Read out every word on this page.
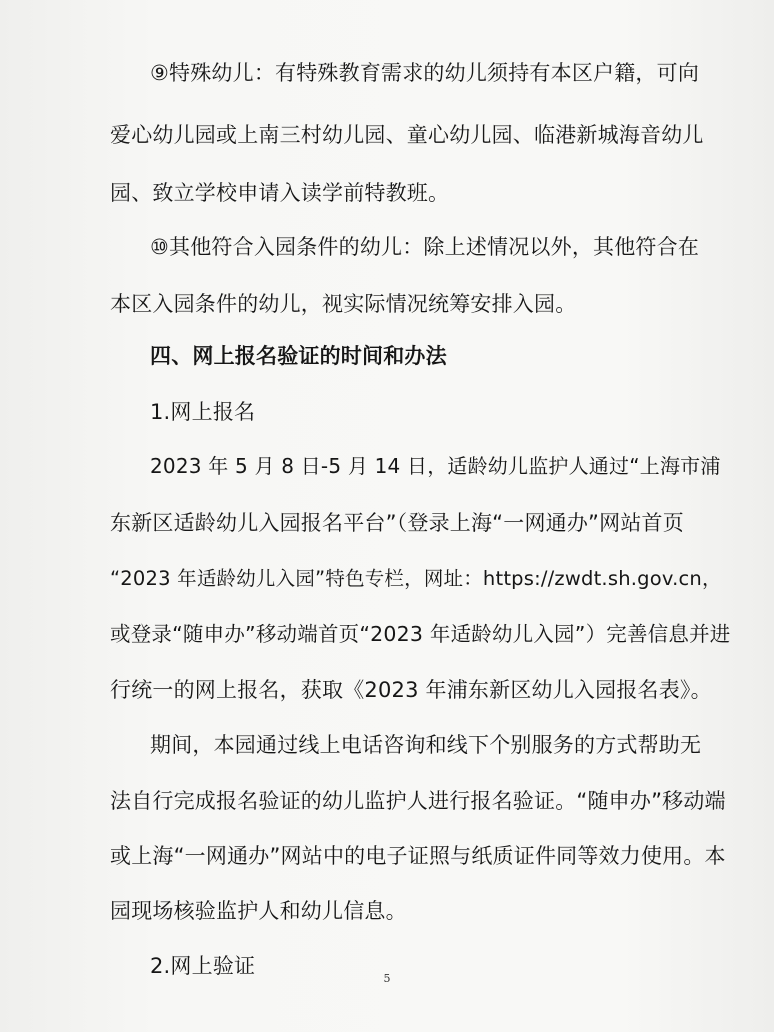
⑨特殊幼儿：有特殊教育需求的幼儿须持有本区户籍，可向
爱心幼儿园或上南三村幼儿园、童心幼儿园、临港新城海音幼儿
园、致立学校申请入读学前特教班。
⑩其他符合入园条件的幼儿：除上述情况以外，其他符合在
本区入园条件的幼儿，视实际情况统筹安排入园。
四、网上报名验证的时间和办法
1.网上报名
2023 年 5 月 8 日-5 月 14 日，适龄幼儿监护人通过“上海市浦
东新区适龄幼儿入园报名平台”（登录上海“一网通办”网站首页
“2023 年适龄幼儿入园”特色专栏，网址：https://zwdt.sh.gov.cn，
或登录“随申办”移动端首页“2023 年适龄幼儿入园”）完善信息并进
行统一的网上报名，获取《2023 年浦东新区幼儿入园报名表》。
期间，本园通过线上电话咨询和线下个别服务的方式帮助无
法自行完成报名验证的幼儿监护人进行报名验证。“随申办”移动端
或上海“一网通办”网站中的电子证照与纸质证件同等效力使用。本
园现场核验监护人和幼儿信息。
2.网上验证
5
